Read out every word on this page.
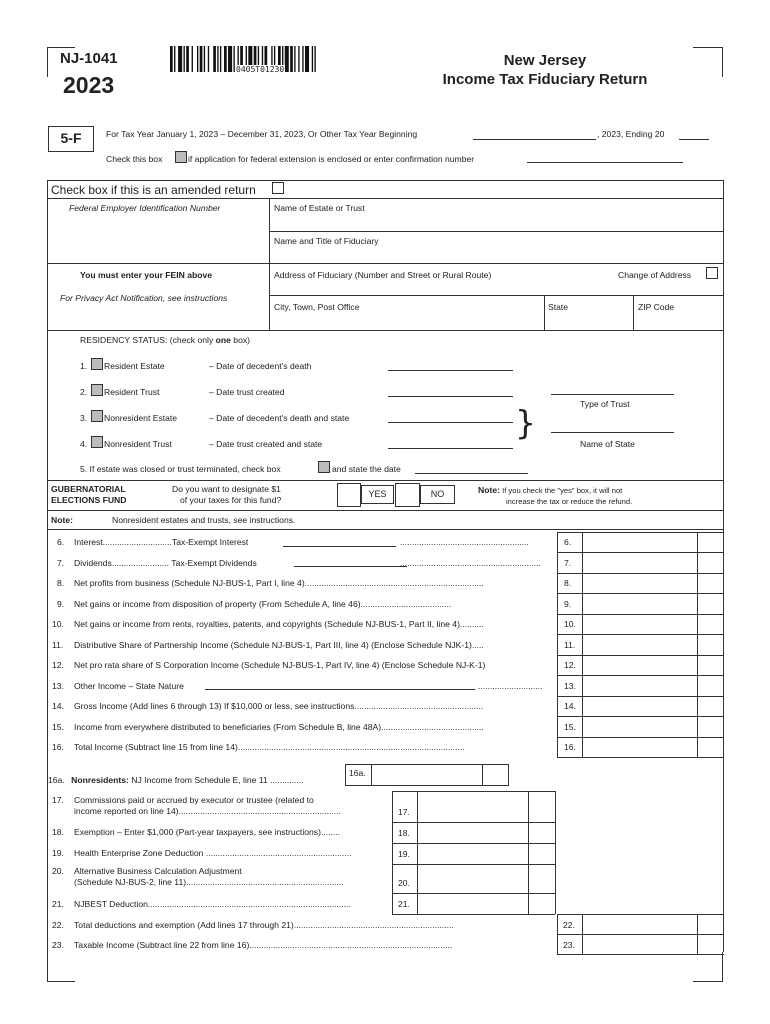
NJ-1041
2023
0405T01230
New Jersey
Income Tax Fiduciary Return
5-F	For Tax Year January 1, 2023 – December 31, 2023, Or Other Tax Year Beginning	, 2023, Ending 20
Check this box	if application for federal extension is enclosed or enter confirmation number
Check box if this is an amended return
Federal Employer Identification Number	Name of Estate or Trust
Name and Title of Fiduciary
You must enter your FEIN above
For Privacy Act Notification, see instructions
Address of Fiduciary (Number and Street or Rural Route)	Change of Address
City, Town, Post Office	State	ZIP Code
RESIDENCY STATUS: (check only one box)
1. Resident Estate	– Date of decedent's death
2. Resident Trust	– Date trust created
3. Nonresident Estate	– Date of decedent's death and state
4. Nonresident Trust	– Date trust created and state
Type of Trust
}
Name of State
5. If estate was closed or trust terminated, check box	and state the date
GUBERNATORIAL
ELECTIONS FUND
Do you want to designate $1
of your taxes for this fund?
YES	NO	Note: If you check the "yes" box, it will not
increase the tax or reduce the refund.
Note:	Nonresident estates and trusts, see instructions.
6. Interest.............................Tax-Exempt Interest	6.
......................................................
7. Dividends........................ Tax-Exempt Dividends	7.
...........................................................
8. Net profits from business (Schedule NJ-BUS-1, Part I, line 4)...........................................................................	8.
9. Net gains or income from disposition of property (From Schedule A, line 46)......................................	9.
10. Net gains or income from rents, royalties, patents, and copyrights (Schedule NJ-BUS-1, Part II, line 4)..........	10.
11. Distributive Share of Partnership Income (Schedule NJ-BUS-1, Part III, line 4) (Enclose Schedule NJK-1).....	11.
12. Net pro rata share of S Corporation Income (Schedule NJ-BUS-1, Part IV, line 4) (Enclose Schedule NJ-K-1)	12.
13. Other Income – State Nature	13.
...........................
14. Gross Income (Add lines 6 through 13) If $10,000 or less, see instructions......................................................	14.
15. Income from everywhere distributed to beneficiaries (From Schedule B, line 48A)...........................................	15.
16. Total Income (Subtract line 15 from line 14)...............................................................................................	16.
17. Commissions paid or accrued by executor or trustee (related to
income reported on line 14)....................................................................	17.
18. Exemption – Enter $1,000 (Part-year taxpayers, see instructions)........	18.
19. Health Enterprise Zone Deduction .............................................................	19.
20. Alternative Business Calculation Adjustment
(Schedule NJ-BUS-2, line 11)..................................................................	20.
21. NJBEST Deduction.....................................................................................	21.
22. Total deductions and exemption (Add lines 17 through 21)...................................................................	22.
23. Taxable Income (Subtract line 22 from line 16).....................................................................................	23.
16a. Nonresidents: NJ Income from Schedule E, line 11 ..............
16a.
